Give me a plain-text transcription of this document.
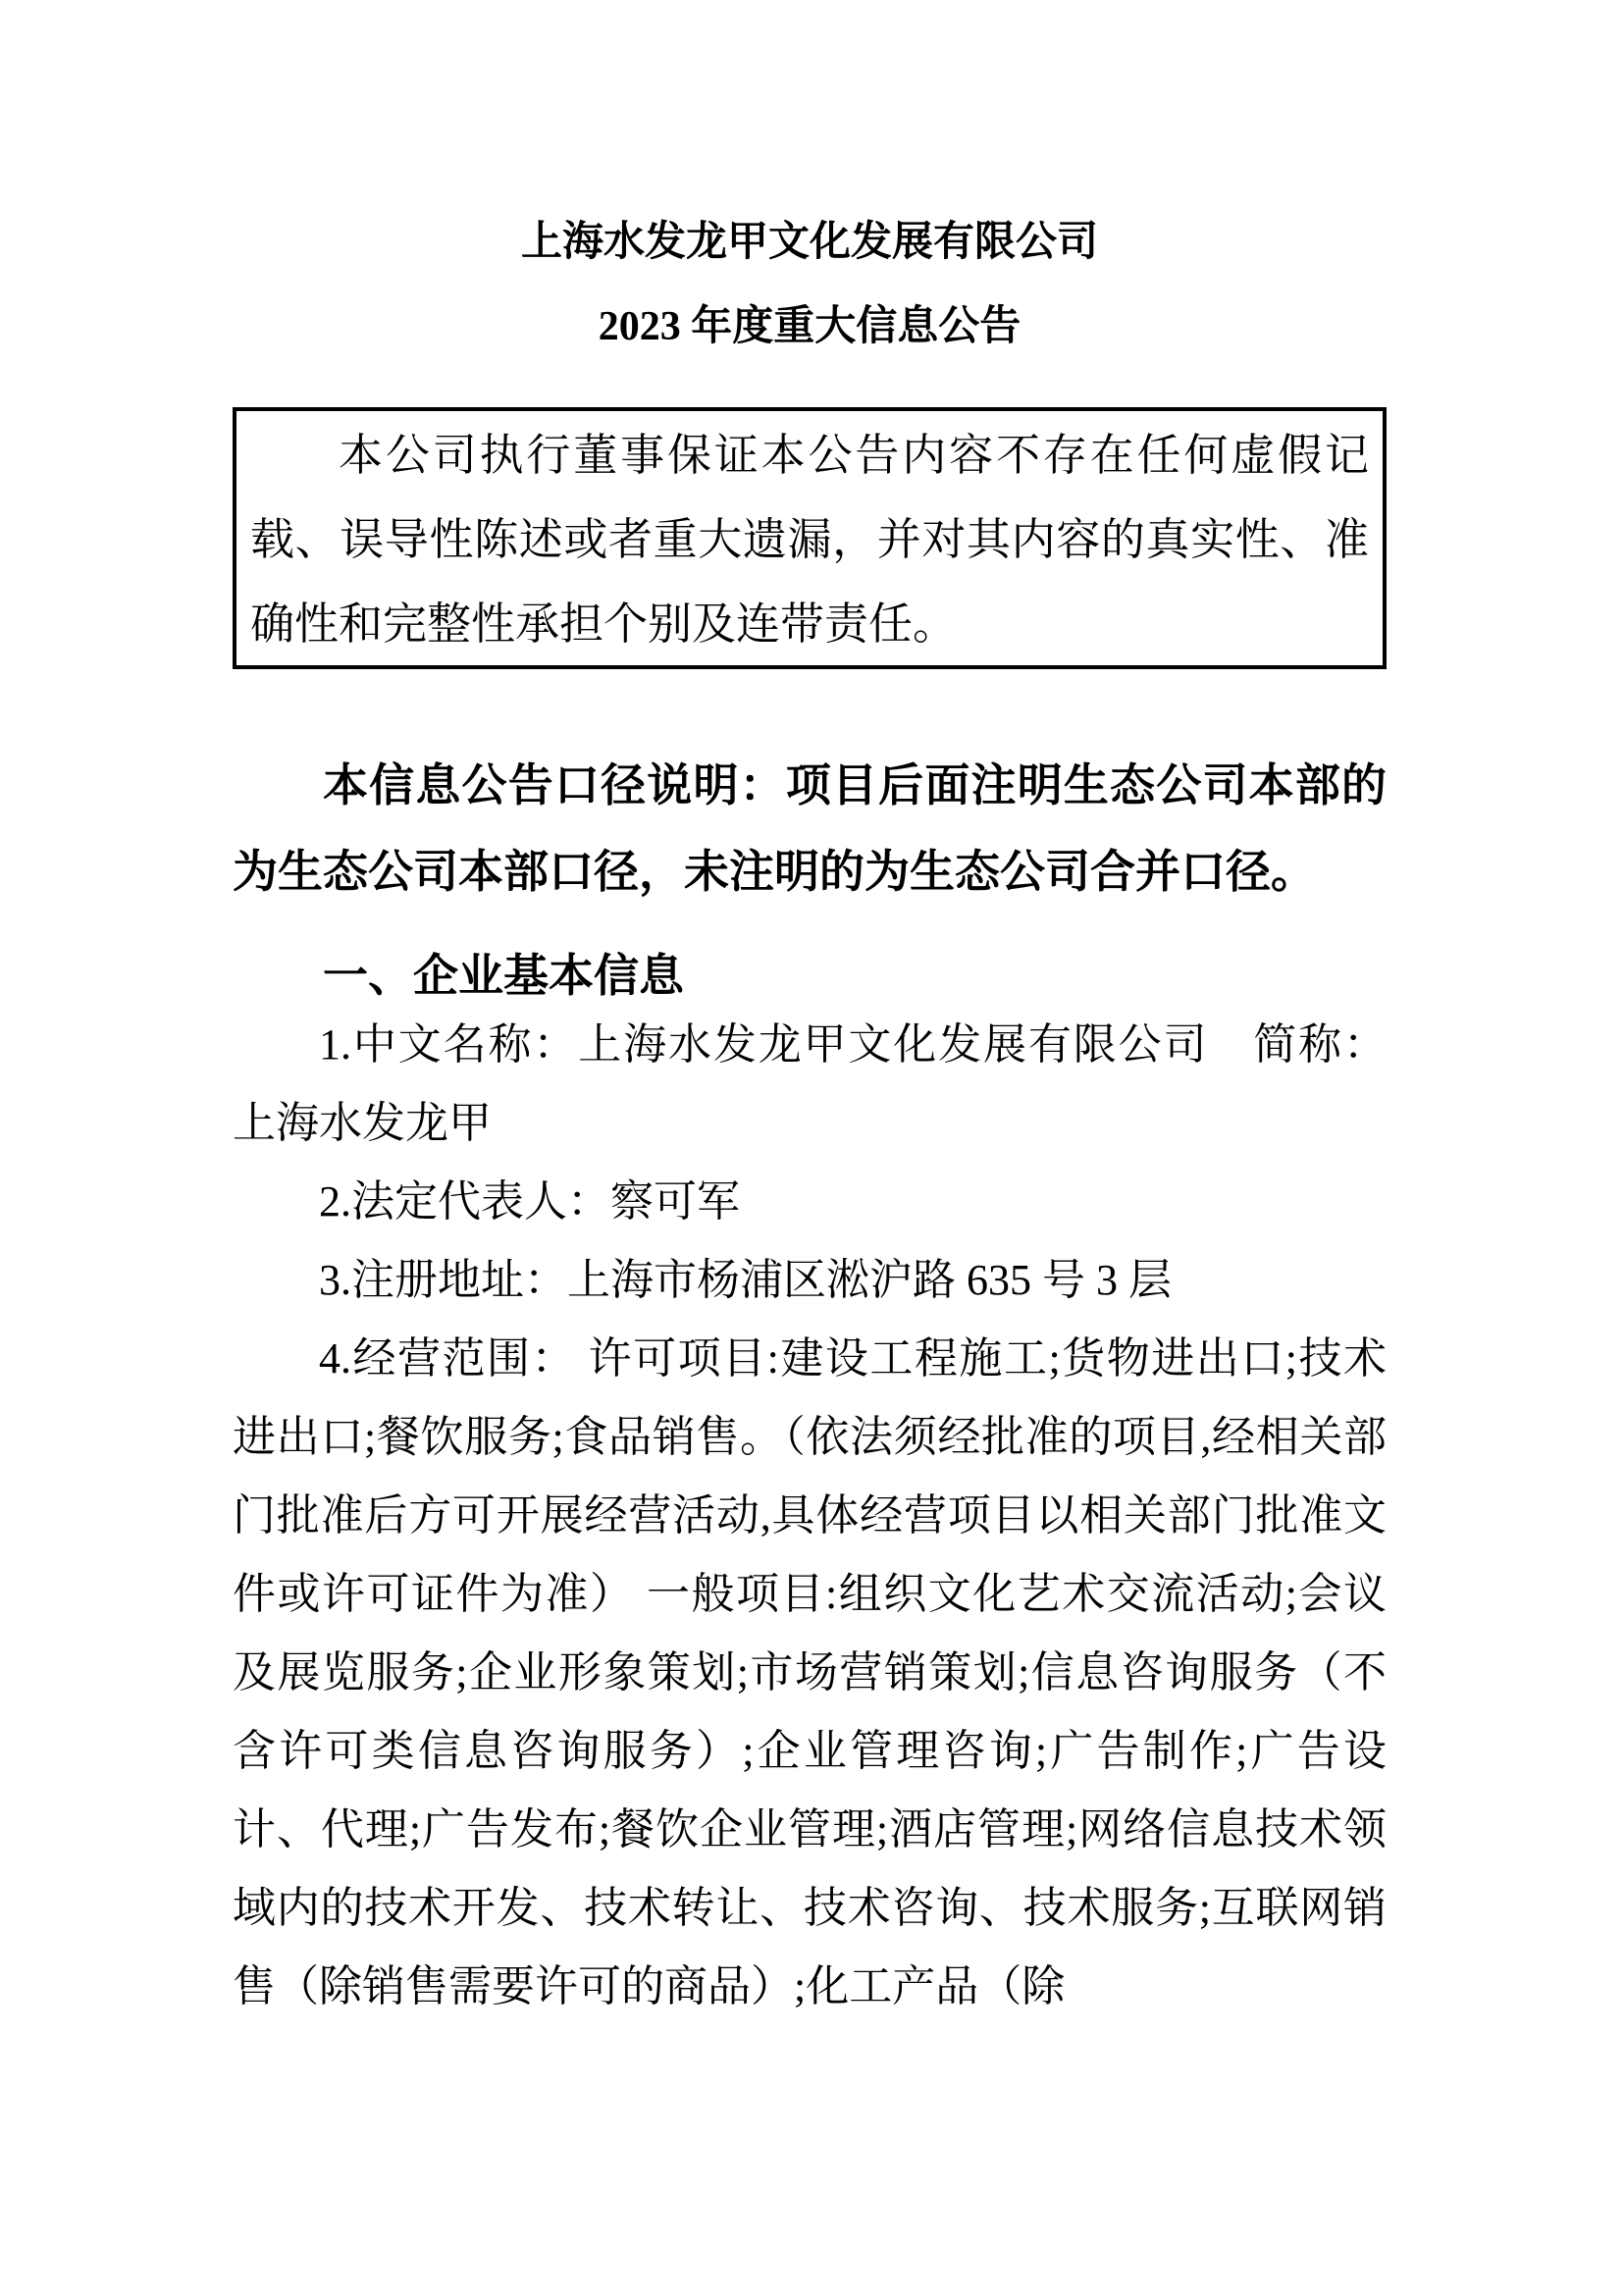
上海水发龙甲文化发展有限公司
2023 年度重大信息公告

本公司执行董事保证本公告内容不存在任何虚假记载、误导性陈述或者重大遗漏，并对其内容的真实性、准确性和完整性承担个别及连带责任。

本信息公告口径说明：项目后面注明生态公司本部的为生态公司本部口径，未注明的为生态公司合并口径。

一、企业基本信息

1.中文名称：上海水发龙甲文化发展有限公司　简称：上海水发龙甲

2.法定代表人：察可军

3.注册地址：上海市杨浦区淞沪路 635 号 3 层

4.经营范围： 许可项目:建设工程施工;货物进出口;技术进出口;餐饮服务;食品销售。（依法须经批准的项目,经相关部门批准后方可开展经营活动,具体经营项目以相关部门批准文件或许可证件为准） 一般项目:组织文化艺术交流活动;会议及展览服务;企业形象策划;市场营销策划;信息咨询服务（不含许可类信息咨询服务）;企业管理咨询;广告制作;广告设计、代理;广告发布;餐饮企业管理;酒店管理;网络信息技术领域内的技术开发、技术转让、技术咨询、技术服务;互联网销售（除销售需要许可的商品）;化工产品（除
